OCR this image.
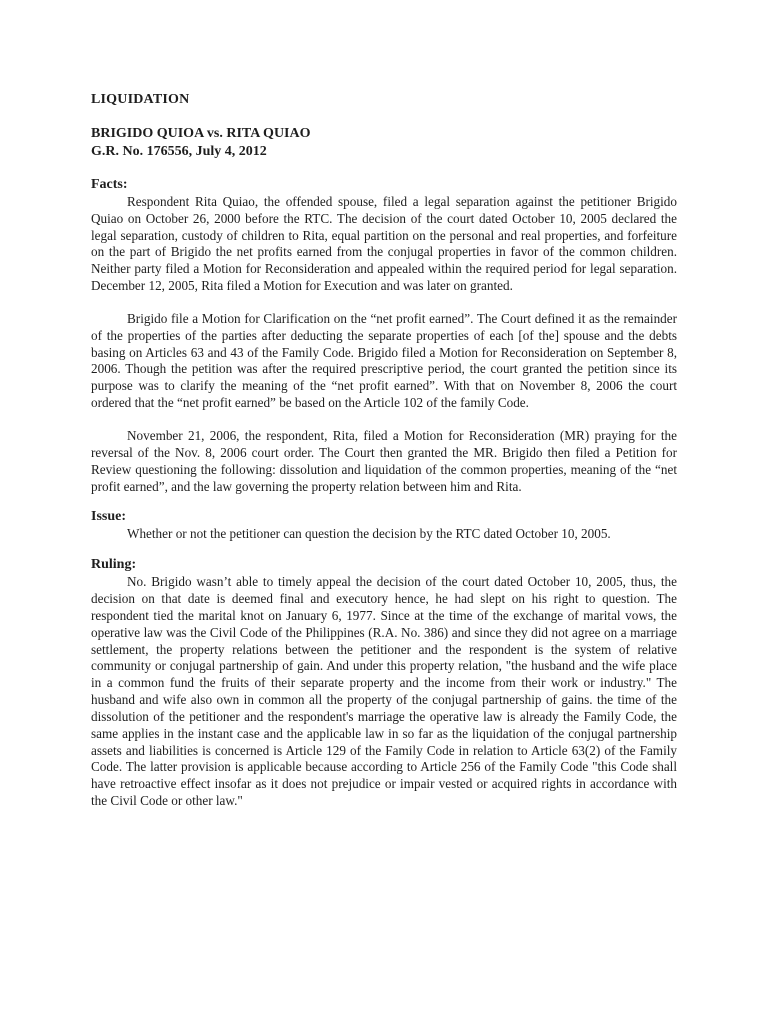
LIQUIDATION
BRIGIDO QUIOA vs. RITA QUIAO
G.R. No. 176556, July 4, 2012
Facts:

Respondent Rita Quiao, the offended spouse, filed a legal separation against the petitioner Brigido Quiao on October 26, 2000 before the RTC. The decision of the court dated October 10, 2005 declared the legal separation, custody of children to Rita, equal partition on the personal and real properties, and forfeiture on the part of Brigido the net profits earned from the conjugal properties in favor of the common children. Neither party filed a Motion for Reconsideration and appealed within the required period for legal separation. December 12, 2005, Rita filed a Motion for Execution and was later on granted.

Brigido file a Motion for Clarification on the “net profit earned”. The Court defined it as the remainder of the properties of the parties after deducting the separate properties of each [of the] spouse and the debts basing on Articles 63 and 43 of the Family Code. Brigido filed a Motion for Reconsideration on September 8, 2006. Though the petition was after the required prescriptive period, the court granted the petition since its purpose was to clarify the meaning of the “net profit earned”. With that on November 8, 2006 the court ordered that the “net profit earned” be based on the Article 102 of the family Code.

November 21, 2006, the respondent, Rita, filed a Motion for Reconsideration (MR) praying for the reversal of the Nov. 8, 2006 court order. The Court then granted the MR. Brigido then filed a Petition for Review questioning the following: dissolution and liquidation of the common properties, meaning of the “net profit earned”, and the law governing the property relation between him and Rita.

Issue:

Whether or not the petitioner can question the decision by the RTC dated October 10, 2005.

Ruling:

No. Brigido wasn’t able to timely appeal the decision of the court dated October 10, 2005, thus, the decision on that date is deemed final and executory hence, he had slept on his right to question. The respondent tied the marital knot on January 6, 1977. Since at the time of the exchange of marital vows, the operative law was the Civil Code of the Philippines (R.A. No. 386) and since they did not agree on a marriage settlement, the property relations between the petitioner and the respondent is the system of relative community or conjugal partnership of gain. And under this property relation, "the husband and the wife place in a common fund the fruits of their separate property and the income from their work or industry." The husband and wife also own in common all the property of the conjugal partnership of gains. the time of the dissolution of the petitioner and the respondent's marriage the operative law is already the Family Code, the same applies in the instant case and the applicable law in so far as the liquidation of the conjugal partnership assets and liabilities is concerned is Article 129 of the Family Code in relation to Article 63(2) of the Family Code. The latter provision is applicable because according to Article 256 of the Family Code "this Code shall have retroactive effect insofar as it does not prejudice or impair vested or acquired rights in accordance with the Civil Code or other law."
